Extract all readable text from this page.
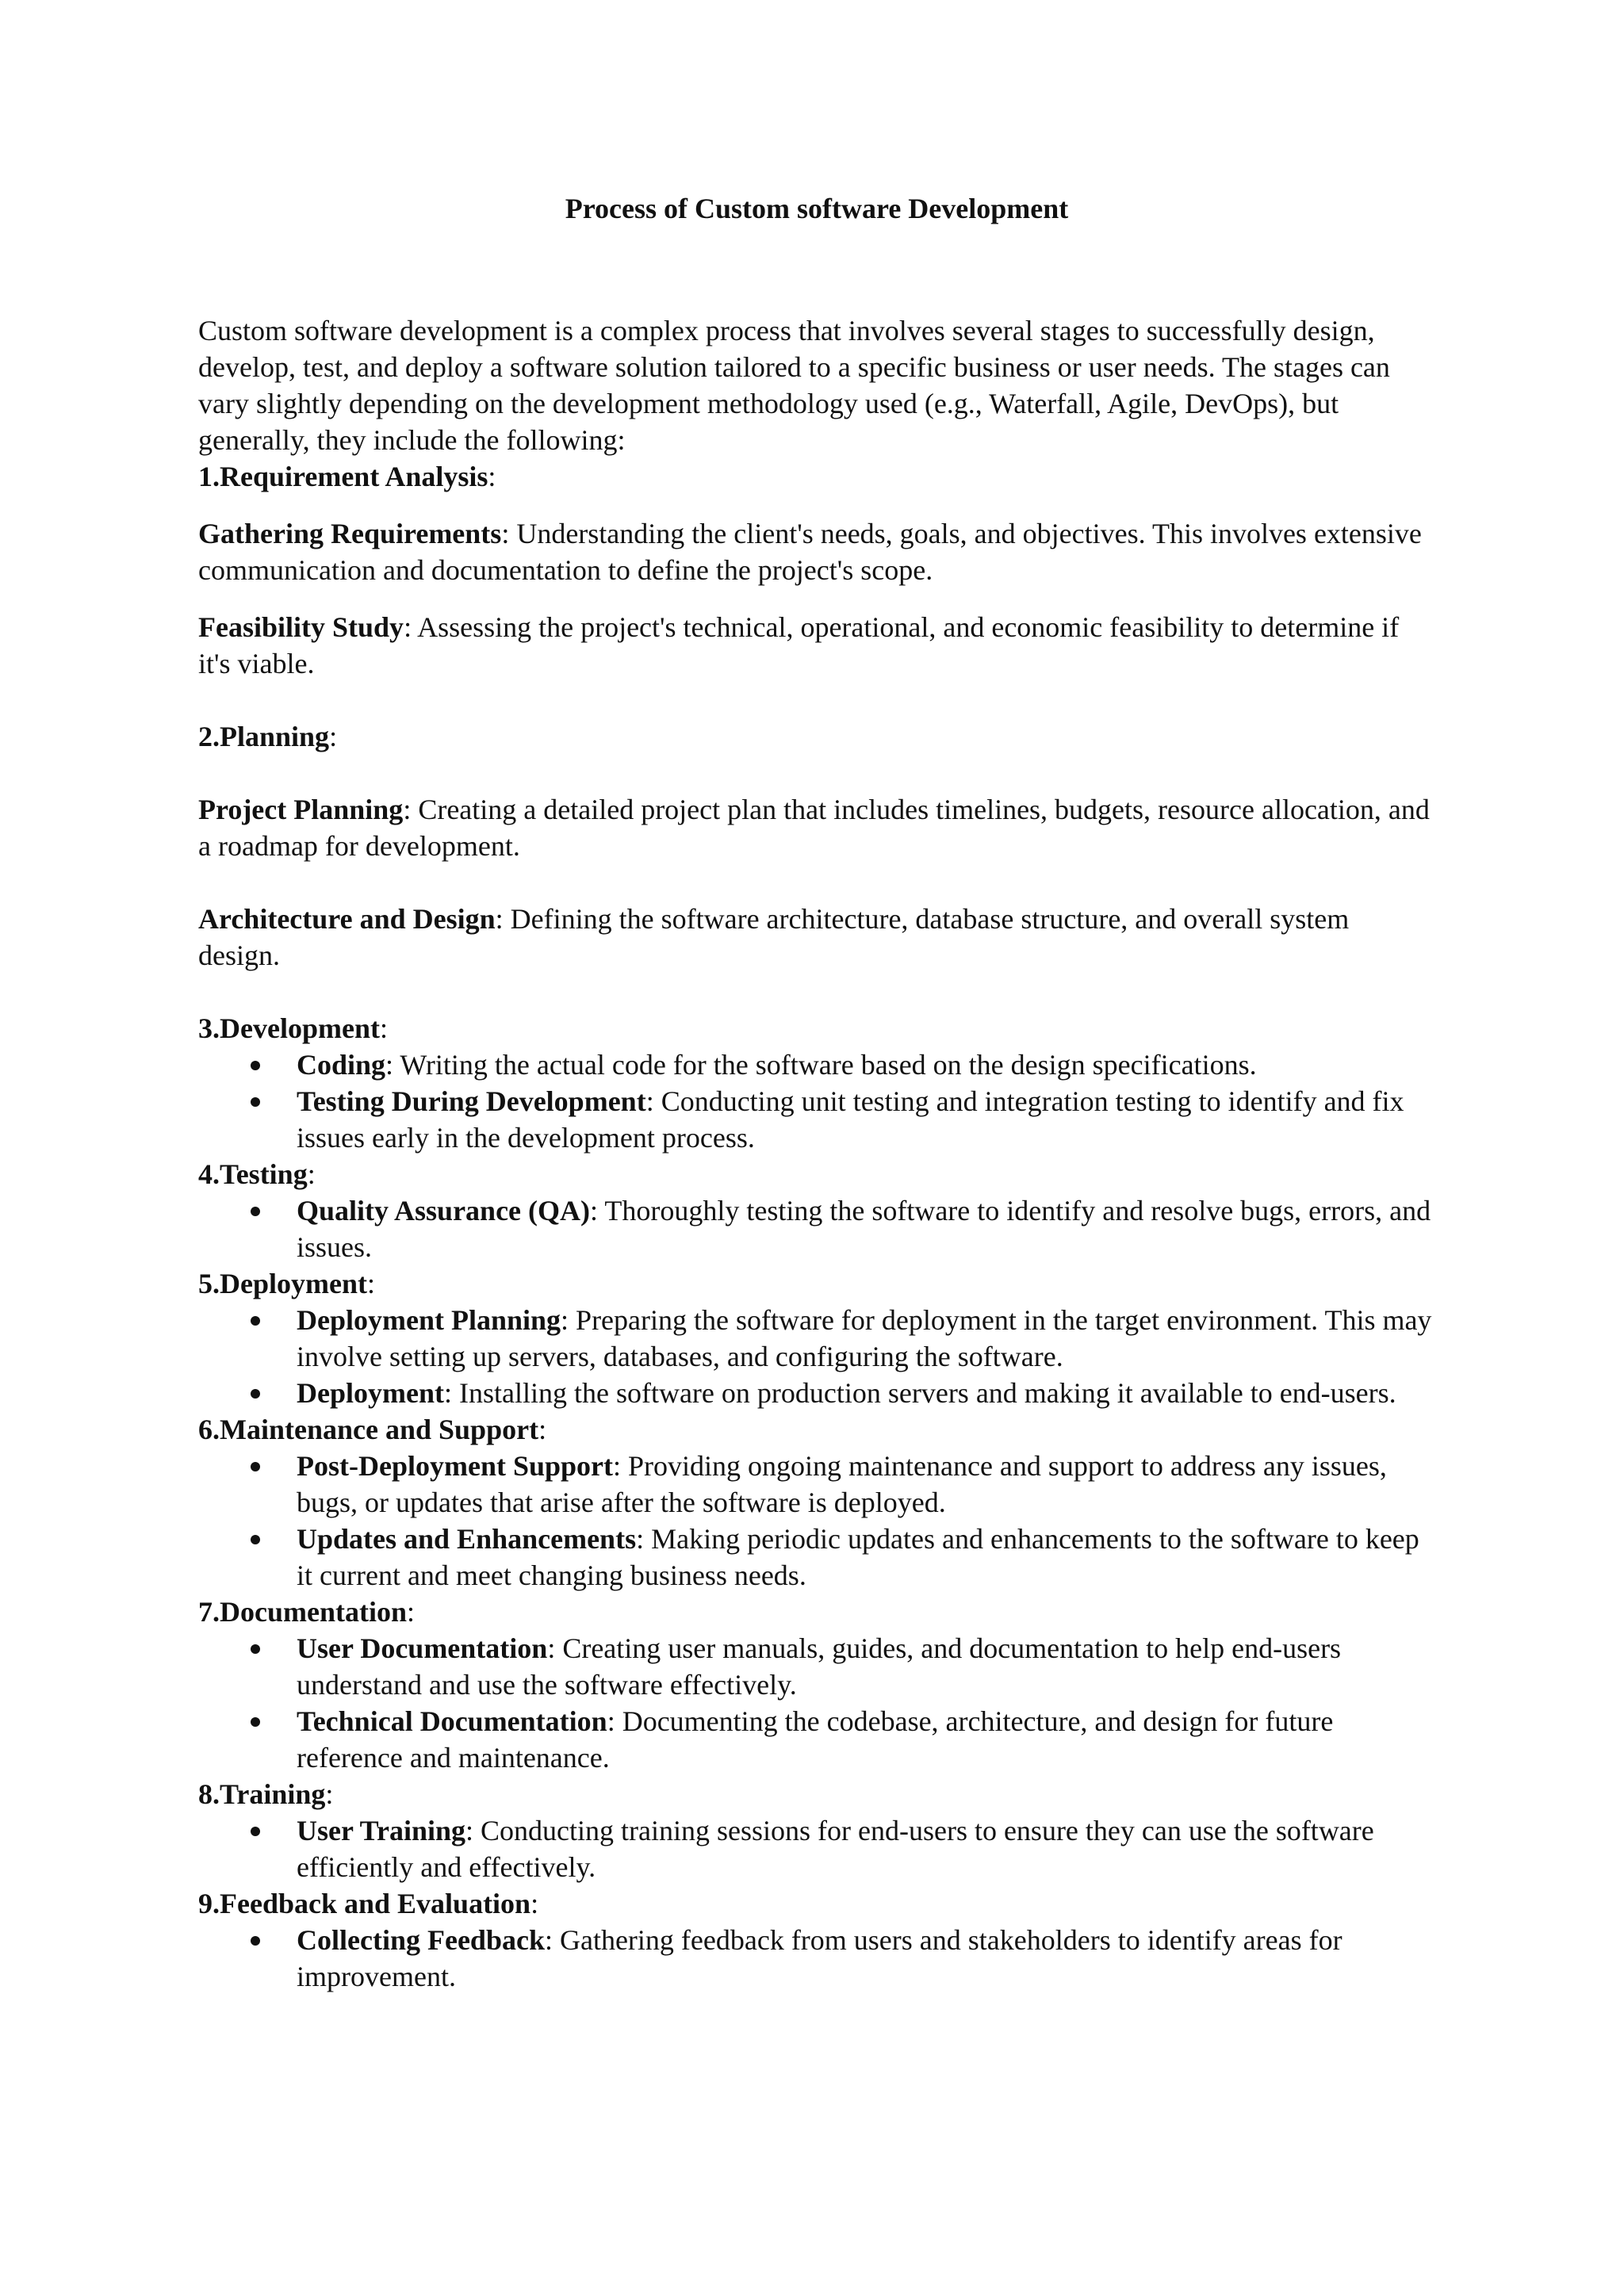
Process of Custom software Development

Custom software development is a complex process that involves several stages to successfully design, develop, test, and deploy a software solution tailored to a specific business or user needs. The stages can vary slightly depending on the development methodology used (e.g., Waterfall, Agile, DevOps), but generally, they include the following:

1.Requirement Analysis:

Gathering Requirements: Understanding the client's needs, goals, and objectives. This involves extensive communication and documentation to define the project's scope.

Feasibility Study: Assessing the project's technical, operational, and economic feasibility to determine if it's viable.

2.Planning:

Project Planning: Creating a detailed project plan that includes timelines, budgets, resource allocation, and a roadmap for development.

Architecture and Design: Defining the software architecture, database structure, and overall system design.

3.Development:

Coding: Writing the actual code for the software based on the design specifications.
Testing During Development: Conducting unit testing and integration testing to identify and fix issues early in the development process.

4.Testing:

Quality Assurance (QA): Thoroughly testing the software to identify and resolve bugs, errors, and issues.

5.Deployment:

Deployment Planning: Preparing the software for deployment in the target environment. This may involve setting up servers, databases, and configuring the software.
Deployment: Installing the software on production servers and making it available to end-users.

6.Maintenance and Support:

Post-Deployment Support: Providing ongoing maintenance and support to address any issues, bugs, or updates that arise after the software is deployed.
Updates and Enhancements: Making periodic updates and enhancements to the software to keep it current and meet changing business needs.

7.Documentation:

User Documentation: Creating user manuals, guides, and documentation to help end-users understand and use the software effectively.
Technical Documentation: Documenting the codebase, architecture, and design for future reference and maintenance.

8.Training:

User Training: Conducting training sessions for end-users to ensure they can use the software efficiently and effectively.

9.Feedback and Evaluation:

Collecting Feedback: Gathering feedback from users and stakeholders to identify areas for improvement.
